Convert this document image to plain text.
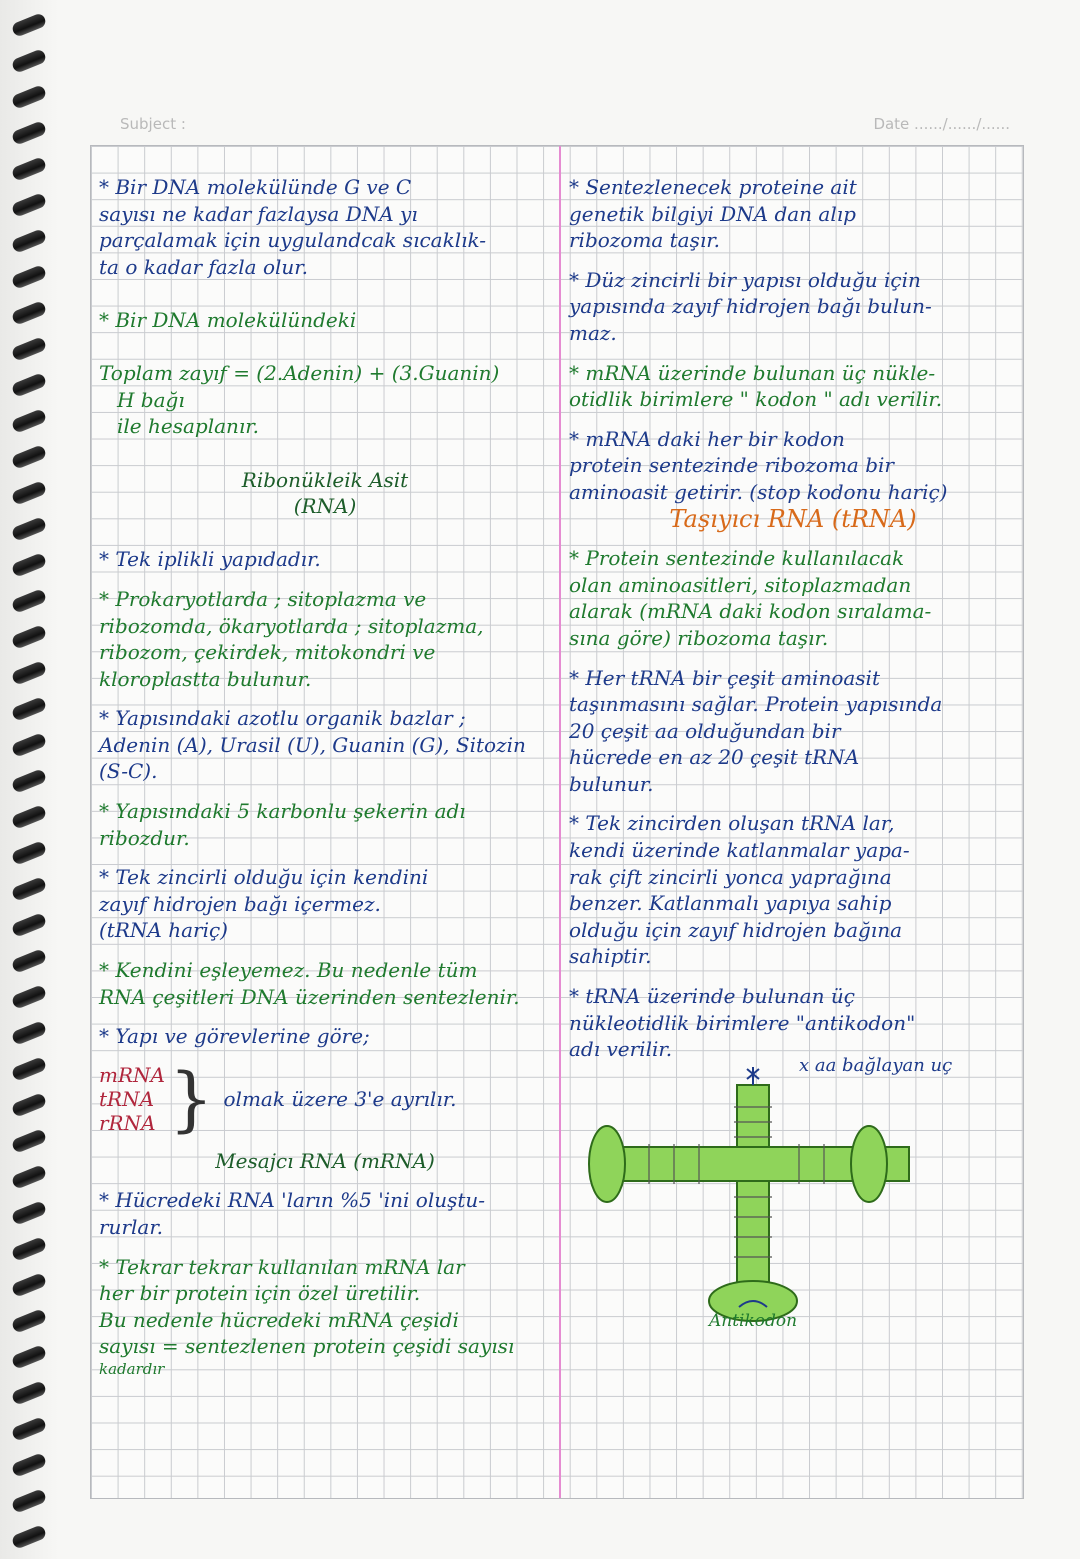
Subject :	Date ....../....../......

* Bir DNA molekülünde G ve C

sayısı ne kadar fazlaysa DNA yı

parçalamak için uygulandcak sıcaklık-

ta o kadar fazla olur.

* Bir DNA molekülündeki

Toplam zayıf = (2.Adenin) + (3.Guanin)

H bağı

ile hesaplanır.

Ribonükleik Asit

(RNA)

* Tek iplikli yapıdadır.

* Prokaryotlarda ; sitoplazma ve

ribozomda, ökaryotlarda ; sitoplazma,

ribozom, çekirdek, mitokondri ve

kloroplastta bulunur.

* Yapısındaki azotlu organik bazlar ;

Adenin (A), Urasil (U), Guanin (G), Sitozin

(S-C).

* Yapısındaki 5 karbonlu şekerin adı

ribozdur.

* Tek zincirli olduğu için kendini

zayıf hidrojen bağı içermez.

(tRNA hariç)

* Kendini eşleyemez. Bu nedenle tüm

RNA çeşitleri DNA üzerinden sentezlenir.

* Yapı ve görevlerine göre;

mRNA

tRNA

rRNA } olmak üzere 3'e ayrılır.

Mesajcı RNA (mRNA)

* Hücredeki RNA 'ların %5 'ini oluştu-

rurlar.

* Tekrar tekrar kullanılan mRNA lar

her bir protein için özel üretilir.

Bu nedenle hücredeki mRNA çeşidi

sayısı = sentezlenen protein çeşidi sayısı

kadardır

* Sentezlenecek proteine ait

genetik bilgiyi DNA dan alıp

ribozoma taşır.

* Düz zincirli bir yapısı olduğu için

yapısında zayıf hidrojen bağı bulun-

maz.

* mRNA üzerinde bulunan üç nükle-

otidlik birimlere " kodon " adı verilir.

* mRNA daki her bir kodon

protein sentezinde ribozoma bir

aminoasit getirir. (stop kodonu hariç)

Taşıyıcı RNA (tRNA)

* Protein sentezinde kullanılacak

olan aminoasitleri, sitoplazmadan

alarak (mRNA daki kodon sıralama-

sına göre) ribozoma taşır.

* Her tRNA bir çeşit aminoasit

taşınmasını sağlar. Protein yapısında

20 çeşit aa olduğundan bir

hücrede en az 20 çeşit tRNA

bulunur.

* Tek zincirden oluşan tRNA lar,

kendi üzerinde katlanmalar yapa-

rak çift zincirli yonca yaprağına

benzer. Katlanmalı yapıya sahip

olduğu için zayıf hidrojen bağına

sahiptir.

* tRNA üzerinde bulunan üç

nükleotidlik birimlere "antikodon"

adı verilir.

x aa bağlayan uç
Antikodon
